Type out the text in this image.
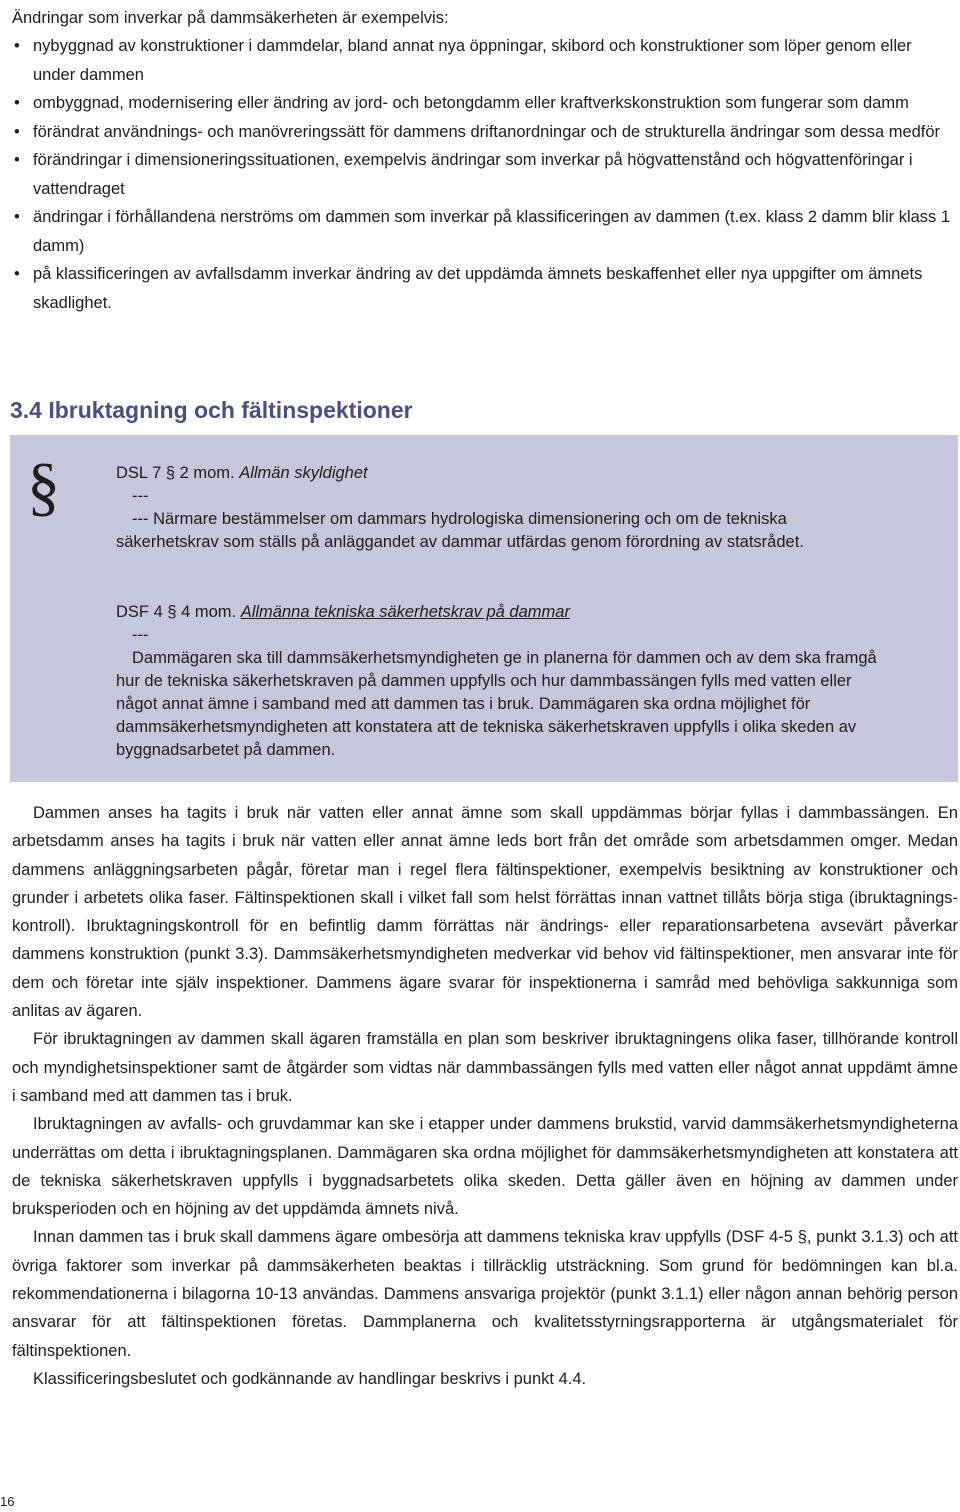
Ändringar som inverkar på dammsäkerheten är exempelvis:

• nybyggnad av konstruktioner i dammdelar, bland annat nya öppningar, skibord och konstruktioner som löper genom eller under dammen
• ombyggnad, modernisering eller ändring av jord- och betongdamm eller kraftverkskonstruktion som fungerar som damm
• förändrat användnings- och manövreringssätt för dammens driftanordningar och de strukturella ändringar som dessa medför
• förändringar i dimensioneringssituationen, exempelvis ändringar som inverkar på högvattenstånd och högvattenföringar i vattendraget
• ändringar i förhållandena nerströms om dammen som inverkar på klassificeringen av dammen (t.ex. klass 2 damm blir klass 1 damm)
• på klassificeringen av avfallsdamm inverkar ändring av det uppdämda ämnets beskaffenhet eller nya uppgifter om ämnets skadlighet.
3.4 Ibruktagning och fältinspektioner
§	DSL 7 § 2 mom. Allmän skyldighet

---

--- Närmare bestämmelser om dammars hydrologiska dimensionering och om de tekniska säkerhetskrav som ställs på anläggandet av dammar utfärdas genom förordning av statsrådet.

DSF 4 § 4 mom. Allmänna tekniska säkerhetskrav på dammar

---

Dammägaren ska till dammsäkerhetsmyndigheten ge in planerna för dammen och av dem ska framgå hur de tekniska säkerhetskraven på dammen uppfylls och hur dammbassängen fylls med vatten eller något annat ämne i samband med att dammen tas i bruk. Dammägaren ska ordna möjlighet för dammsäkerhetsmyndigheten att konstatera att de tekniska säkerhetskraven uppfylls i olika skeden av byggnadsarbetet på dammen.

Dammen anses ha tagits i bruk när vatten eller annat ämne som skall uppdämmas börjar fyllas i dammbassängen. En arbetsdamm anses ha tagits i bruk när vatten eller annat ämne leds bort från det område som arbetsdammen omger. Medan dammens anläggningsarbeten pågår, företar man i regel flera fältinspektioner, exempelvis besiktning av konstruktioner och grunder i arbetets olika faser. Fältinspektionen skall i vilket fall som helst förrättas innan vattnet tillåts börja stiga (ibruktagnings-kontroll). Ibruktagningskontroll för en befintlig damm förrättas när ändrings- eller reparationsarbetena avsevärt påverkar dammens konstruktion (punkt 3.3). Dammsäkerhetsmyndigheten medverkar vid behov vid fältinspektioner, men ansvarar inte för dem och företar inte själv inspektioner. Dammens ägare svarar för inspektionerna i samråd med behövliga sakkunniga som anlitas av ägaren.

För ibruktagningen av dammen skall ägaren framställa en plan som beskriver ibruktagningens olika faser, tillhörande kontroll och myndighetsinspektioner samt de åtgärder som vidtas när dammbassängen fylls med vatten eller något annat uppdämt ämne i samband med att dammen tas i bruk.

Ibruktagningen av avfalls- och gruvdammar kan ske i etapper under dammens brukstid, varvid dammsäkerhetsmyndigheterna underrättas om detta i ibruktagningsplanen. Dammägaren ska ordna möjlighet för dammsäkerhetsmyndigheten att konstatera att de tekniska säkerhetskraven uppfylls i byggnadsarbetets olika skeden. Detta gäller även en höjning av dammen under bruksperioden och en höjning av det uppdämda ämnets nivå.

Innan dammen tas i bruk skall dammens ägare ombesörja att dammens tekniska krav uppfylls (DSF 4-5 §, punkt 3.1.3) och att övriga faktorer som inverkar på dammsäkerheten beaktas i tillräcklig utsträckning. Som grund för bedömningen kan bl.a. rekommendationerna i bilagorna 10-13 användas. Dammens ansvariga projektör (punkt 3.1.1) eller någon annan behörig person ansvarar för att fältinspektionen företas. Dammplanerna och kvalitetsstyrningsrapporterna är utgångsmaterialet för fältinspektionen.

Klassificeringsbeslutet och godkännande av handlingar beskrivs i punkt 4.4.

16
